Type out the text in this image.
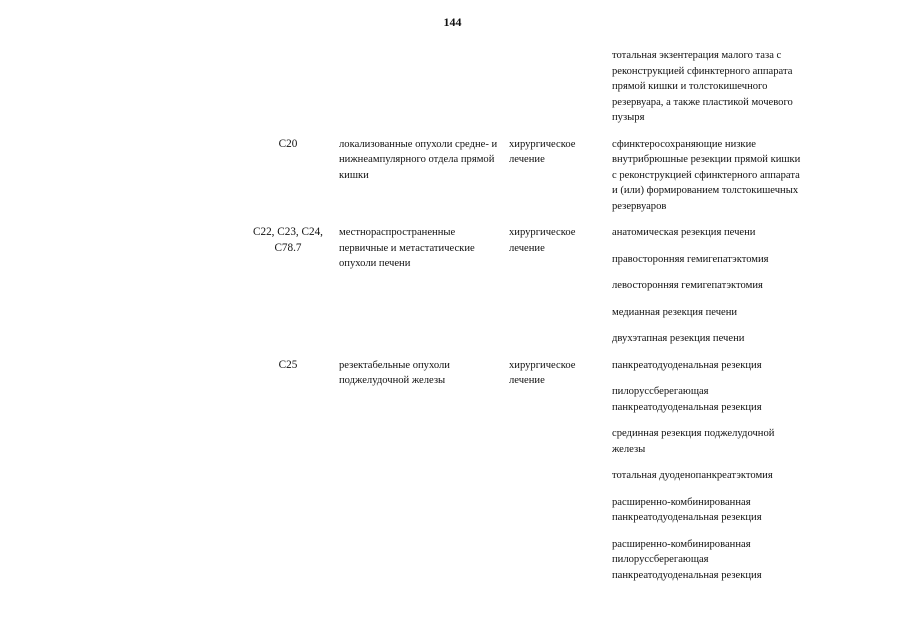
144
тотальная экзентерация малого таза с реконструкцией сфинктерного аппарата прямой кишки и толстокишечного резервуара, а также пластикой мочевого пузыря
C20	локализованные опухоли средне- и нижнеампулярного отдела прямой кишки
хирургическое лечение
сфинктеросохраняющие низкие внутрибрюшные резекции прямой кишки с реконструкцией сфинктерного аппарата и (или) формированием толстокишечных резервуаров
C22, C23, C24,
C78.7
местнораспространенные первичные и метастатические опухоли печени
хирургическое лечение
анатомическая резекция печени
правосторонняя гемигепатэктомия
левосторонняя гемигепатэктомия
медианная резекция печени
двухэтапная резекция печени
C25	резектабельные опухоли поджелудочной железы
хирургическое лечение
панкреатодуоденальная резекция
пилоруссберегающая панкреатодуоденальная резекция
срединная резекция поджелудочной железы
тотальная дуоденопанкреатэктомия
расширенно-комбинированная панкреатодуоденальная резекция
расширенно-комбинированная пилоруссберегающая панкреатодуоденальная резекция
